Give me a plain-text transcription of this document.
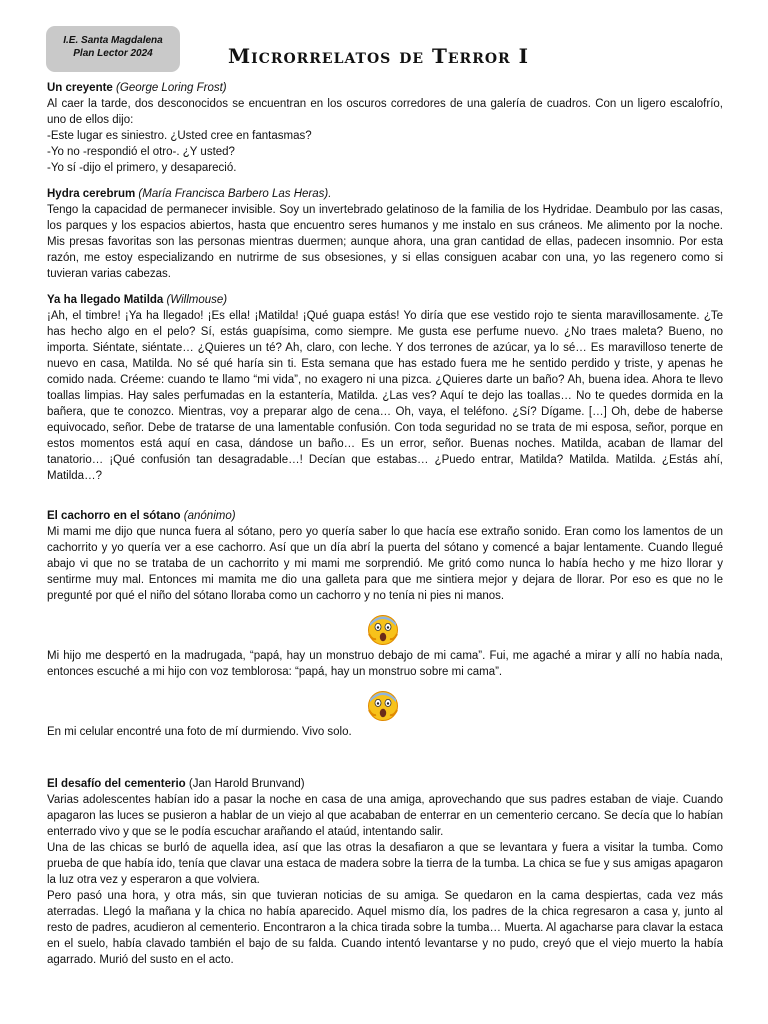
I.E. Santa Magdalena
Plan Lector 2024	Microrrelatos de Terror I
Un creyente (George Loring Frost)

Al caer la tarde, dos desconocidos se encuentran en los oscuros corredores de una galería de cuadros. Con un ligero escalofrío, uno de ellos dijo:

-Este lugar es siniestro. ¿Usted cree en fantasmas?

-Yo no -respondió el otro-. ¿Y usted?

-Yo sí -dijo el primero, y desapareció.

Hydra cerebrum (María Francisca Barbero Las Heras).

Tengo la capacidad de permanecer invisible. Soy un invertebrado gelatinoso de la familia de los Hydridae. Deambulo por las casas, los parques y los espacios abiertos, hasta que encuentro seres humanos y me instalo en sus cráneos. Me alimento por la noche. Mis presas favoritas son las personas mientras duermen; aunque ahora, una gran cantidad de ellas, padecen insomnio. Por esta razón, me estoy especializando en nutrirme de sus obsesiones, y si ellas consiguen acabar con una, yo las regenero como si tuvieran varias cabezas.

Ya ha llegado Matilda (Willmouse)

¡Ah, el timbre! ¡Ya ha llegado! ¡Es ella! ¡Matilda! ¡Qué guapa estás! Yo diría que ese vestido rojo te sienta maravillosamente. ¿Te has hecho algo en el pelo? Sí, estás guapísima, como siempre. Me gusta ese perfume nuevo. ¿No traes maleta? Bueno, no importa. Siéntate, siéntate… ¿Quieres un té? Ah, claro, con leche. Y dos terrones de azúcar, ya lo sé… Es maravilloso tenerte de nuevo en casa, Matilda. No sé qué haría sin ti. Esta semana que has estado fuera me he sentido perdido y triste, y apenas he comido nada. Créeme: cuando te llamo “mi vida”, no exagero ni una pizca. ¿Quieres darte un baño? Ah, buena idea. Ahora te llevo toallas limpias. Hay sales perfumadas en la estantería, Matilda. ¿Las ves? Aquí te dejo las toallas… No te quedes dormida en la bañera, que te conozco. Mientras, voy a preparar algo de cena… Oh, vaya, el teléfono. ¿Sí? Dígame. […] Oh, debe de haberse equivocado, señor. Debe de tratarse de una lamentable confusión. Con toda seguridad no se trata de mi esposa, señor, porque en estos momentos está aquí en casa, dándose un baño… Es un error, señor. Buenas noches. Matilda, acaban de llamar del tanatorio… ¡Qué confusión tan desagradable…! Decían que estabas… ¿Puedo entrar, Matilda? Matilda. Matilda. ¿Estás ahí, Matilda…?

El cachorro en el sótano (anónimo)

Mi mami me dijo que nunca fuera al sótano, pero yo quería saber lo que hacía ese extraño sonido. Eran como los lamentos de un cachorrito y yo quería ver a ese cachorro. Así que un día abrí la puerta del sótano y comencé a bajar lentamente. Cuando llegué abajo vi que no se trataba de un cachorrito y mi mami me sorprendió. Me gritó como nunca lo había hecho y me hizo llorar y sentirme muy mal. Entonces mi mamita me dio una galleta para que me sintiera mejor y dejara de llorar. Por eso es que no le pregunté por qué el niño del sótano lloraba como un cachorro y no tenía ni pies ni manos.

Mi hijo me despertó en la madrugada, “papá, hay un monstruo debajo de mi cama”. Fui, me agaché a mirar y allí no había nada, entonces escuché a mi hijo con voz temblorosa: “papá, hay un monstruo sobre mi cama”.

En mi celular encontré una foto de mí durmiendo. Vivo solo.

El desafío del cementerio (Jan Harold Brunvand)

Varias adolescentes habían ido a pasar la noche en casa de una amiga, aprovechando que sus padres estaban de viaje. Cuando apagaron las luces se pusieron a hablar de un viejo al que acababan de enterrar en un cementerio cercano. Se decía que lo habían enterrado vivo y que se le podía escuchar arañando el ataúd, intentando salir.

Una de las chicas se burló de aquella idea, así que las otras la desafiaron a que se levantara y fuera a visitar la tumba. Como prueba de que había ido, tenía que clavar una estaca de madera sobre la tierra de la tumba. La chica se fue y sus amigas apagaron la luz otra vez y esperaron a que volviera.

Pero pasó una hora, y otra más, sin que tuvieran noticias de su amiga. Se quedaron en la cama despiertas, cada vez más aterradas. Llegó la mañana y la chica no había aparecido. Aquel mismo día, los padres de la chica regresaron a casa y, junto al resto de padres, acudieron al cementerio. Encontraron a la chica tirada sobre la tumba… Muerta. Al agacharse para clavar la estaca en el suelo, había clavado también el bajo de su falda. Cuando intentó levantarse y no pudo, creyó que el viejo muerto la había agarrado. Murió del susto en el acto.
